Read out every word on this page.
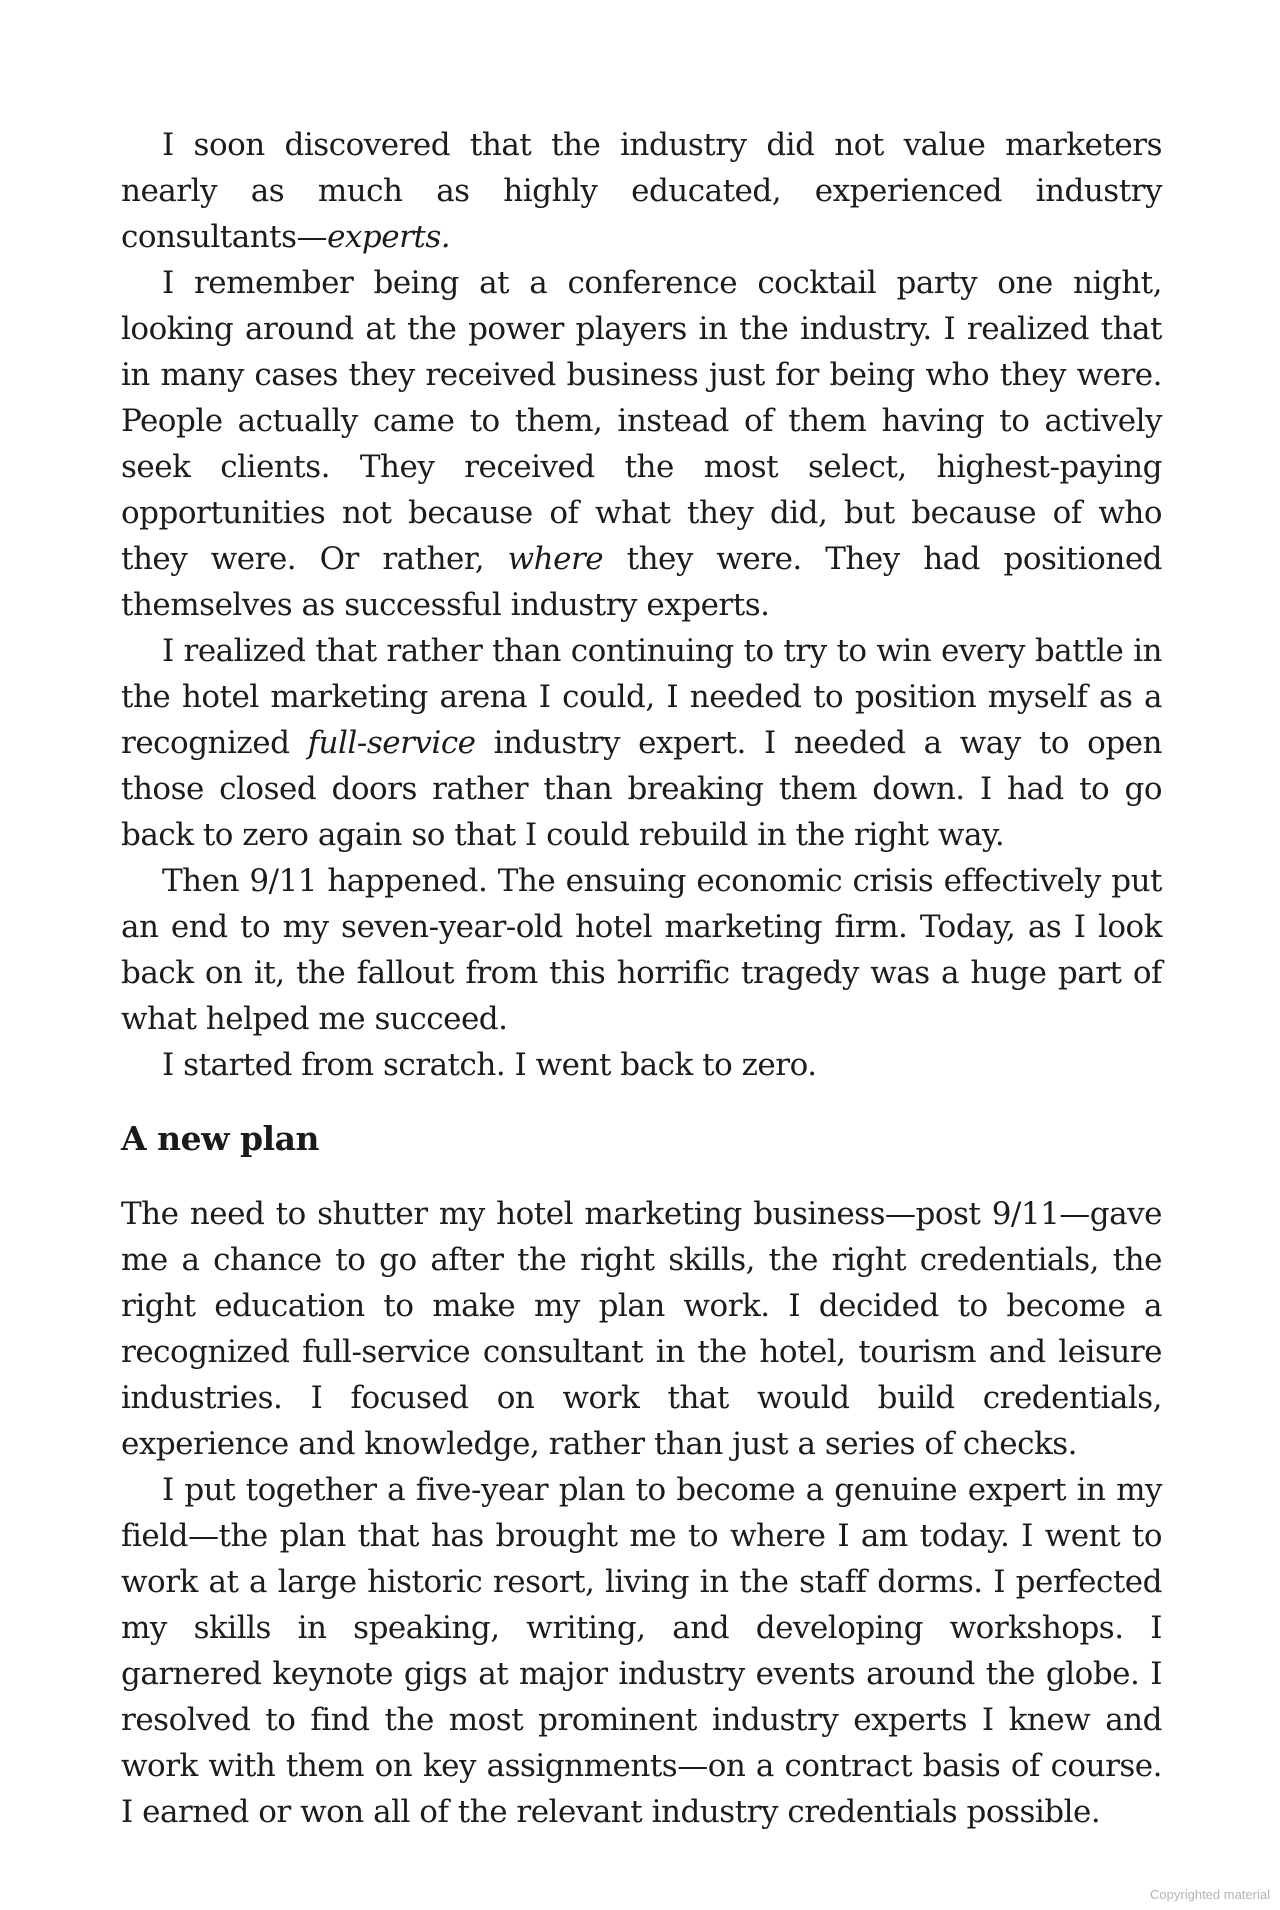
I soon discovered that the industry did not value marketers nearly as much as highly educated, experienced industry consultants—experts.

I remember being at a conference cocktail party one night, looking around at the power players in the industry. I realized that in many cases they received business just for being who they were. People actually came to them, instead of them having to actively seek clients. They received the most select, highest-paying opportunities not because of what they did, but because of who they were. Or rather, where they were. They had positioned themselves as successful industry experts.

I realized that rather than continuing to try to win every battle in the hotel marketing arena I could, I needed to position myself as a recognized full-service industry expert. I needed a way to open those closed doors rather than breaking them down. I had to go back to zero again so that I could rebuild in the right way.

Then 9/11 happened. The ensuing economic crisis effectively put an end to my seven-year-old hotel marketing firm. Today, as I look back on it, the fallout from this horrific tragedy was a huge part of what helped me succeed.

I started from scratch. I went back to zero.

A new plan

The need to shutter my hotel marketing business—post 9/11—gave me a chance to go after the right skills, the right credentials, the right education to make my plan work. I decided to become a recognized full-service consultant in the hotel, tourism and leisure industries. I focused on work that would build credentials, experience and knowledge, rather than just a series of checks.

I put together a five-year plan to become a genuine expert in my field—the plan that has brought me to where I am today. I went to work at a large historic resort, living in the staff dorms. I perfected my skills in speaking, writing, and developing workshops. I garnered keynote gigs at major industry events around the globe. I resolved to find the most prominent industry experts I knew and work with them on key assignments—on a contract basis of course. I earned or won all of the relevant industry credentials possible.

Copyrighted material
